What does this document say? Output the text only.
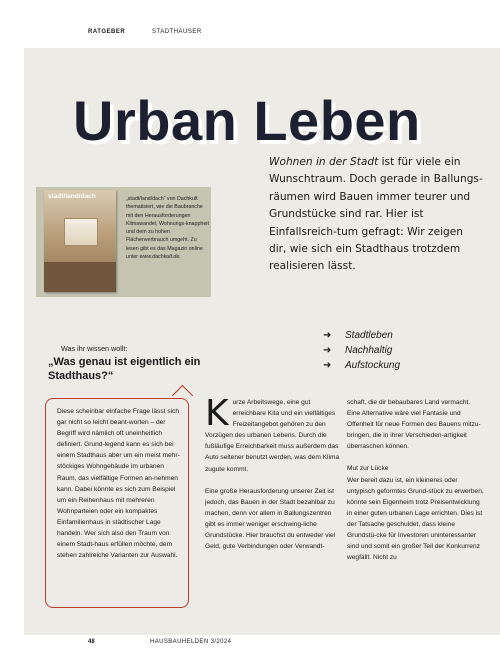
RATGEBER	STADTHÄUSER
Urban Leben
Wohnen in der Stadt ist für viele ein Wunschtraum. Doch gerade in Ballungs-räumen wird Bauen immer teurer und Grundstücke sind rar. Hier ist Einfallsreich-tum gefragt: Wir zeigen dir, wie sich ein Stadthaus trotzdem realisieren lässt.
stadt/land/dach	„stadt/land/dach“ von Dachkult thematisiert, wie die Baubranche mit den Herausforderungen Klimawandel, Wohnungs-knappheit und dem zu hohen Flächenverbrauch umgeht. Zu lesen gibt es das Magazin online unter www.dachkult.de.
➜	Stadtleben
➜	Nachhaltig
➜	Aufstockung
Was ihr wissen wollt:
„Was genau ist eigentlich ein Stadthaus?“
Diese scheinbar einfache Frage lässt sich gar nicht so leicht beant-worten – der Begriff wird nämlich oft uneinheitlich definiert. Grund-legend kann es sich bei einem Stadthaus aber um ein meist mehr-stöckiges Wohngebäude im urbanen Raum, das vielfältige Formen an-nehmen kann. Dabei könnte es sich zum Beispiel um ein Reihenhaus mit mehreren Wohnparteien oder ein kompaktes Einfamilienhaus in städtischer Lage handeln. Wer sich also den Traum von einem Stadt-haus erfüllen möchte, dem stehen zahlreiche Varianten zur Auswahl.
K urze Arbeitswege, eine gut erreichbare Kita und ein vielfältiges Freizeitangebot gehören zu den Vorzügen des urbanen Lebens. Durch die fußläufige Erreichbarkeit muss außerdem das Auto seltener benutzt werden, was dem Klima zugute kommt.

Eine große Herausforderung unserer Zeit ist jedoch, das Bauen in der Stadt bezahlbar zu machen, denn vor allem in Ballungszentren gibt es immer weniger erschwing-liche Grundstücke. Hier brauchst du entweder viel Geld, gute Verbindungen oder Verwandt-

schaft, die dir bebaubares Land vermacht. Eine Alternative wäre viel Fantasie und Offenheit für neue Formen des Bauens mitzu-bringen, die in ihrer Verschieden-artigkeit überraschen können.

Mut zur Lücke

Wer bereit dazu ist, ein kleineres oder untypisch geformtes Grund-stück zu erwerben, könnte sein Eigenheim trotz Preisentwicklung in einer guten urbanen Lage errichten. Dies ist der Tatsache geschuldet, dass kleine Grundstü-cke für Investoren uninteressanter sind und somit ein großer Teil der Konkurrenz wegfällt. Nicht zu

48	HAUSBAUHELDEN 3/2024
